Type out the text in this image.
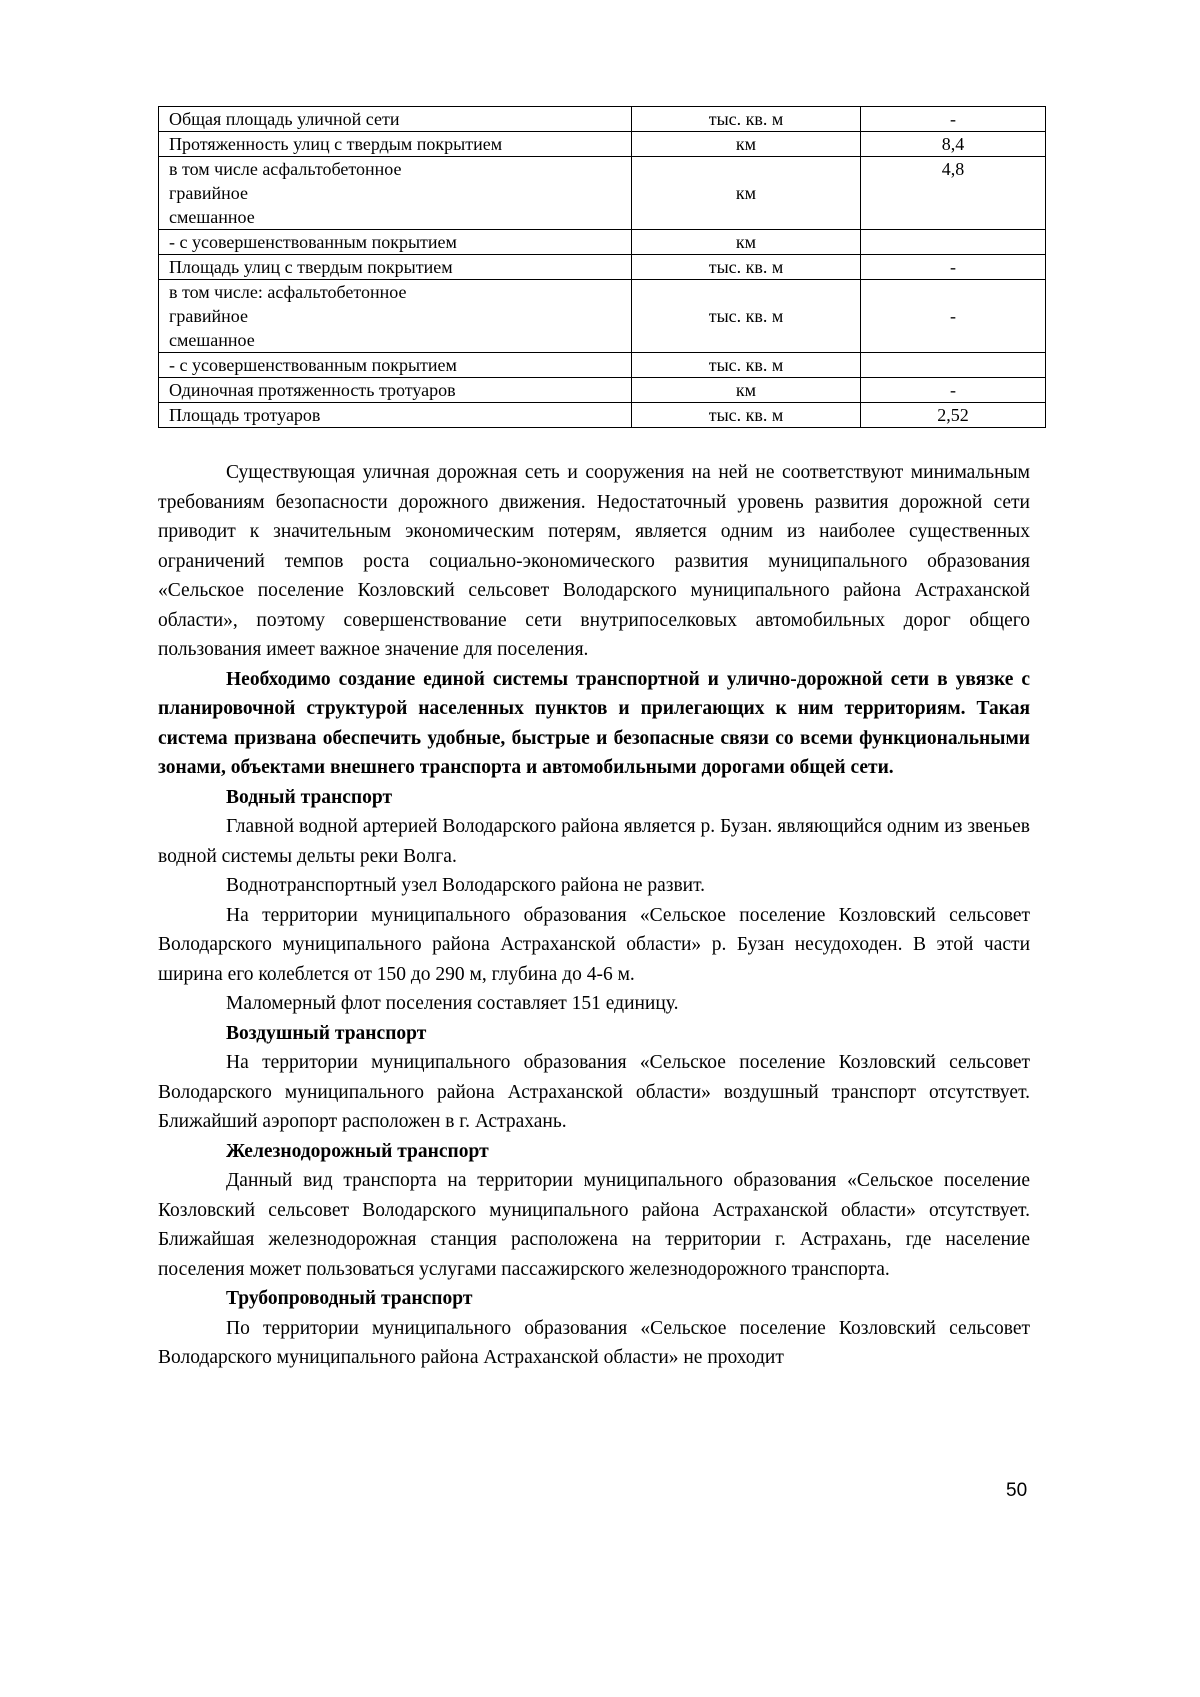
Общая площадь уличной сети	тыс. кв. м	-
Протяженность улиц с твердым покрытием	км	8,4

в том числе асфальтобетонное
гравийное
смешанное	км	4,8
- с усовершенствованным покрытием	км	
Площадь улиц с твердым покрытием	тыс. кв. м	-

в том числе: асфальтобетонное
гравийное
смешанное	тыс. кв. м	-
- с усовершенствованным покрытием	тыс. кв. м	
Одиночная протяженность тротуаров	км	-
Площадь тротуаров	тыс. кв. м	2,52

Существующая уличная дорожная сеть и сооружения на ней не соответствуют минимальным требованиям безопасности дорожного движения. Недостаточный уровень развития дорожной сети приводит к значительным экономическим потерям, является одним из наиболее существенных ограничений темпов роста социально-экономического развития муниципального образования «Сельское поселение Козловский сельсовет Володарского муниципального района Астраханской области», поэтому совершенствование сети внутрипоселковых автомобильных дорог общего пользования имеет важное значение для поселения.

Необходимо создание единой системы транспортной и улично-дорожной сети в увязке с планировочной структурой населенных пунктов и прилегающих к ним территориям. Такая система призвана обеспечить удобные, быстрые и безопасные связи со всеми функциональными зонами, объектами внешнего транспорта и автомобильными дорогами общей сети.

Водный транспорт

Главной водной артерией Володарского района является р. Бузан. являющийся одним из звеньев водной системы дельты реки Волга.

Воднотранспортный узел Володарского района не развит.

На территории муниципального образования «Сельское поселение Козловский сельсовет Володарского муниципального района Астраханской области» р. Бузан несудоходен. В этой части ширина его колеблется от 150 до 290 м, глубина до 4-6 м.

Маломерный флот поселения составляет 151 единицу.

Воздушный транспорт

На территории муниципального образования «Сельское поселение Козловский сельсовет Володарского муниципального района Астраханской области» воздушный транспорт отсутствует. Ближайший аэропорт расположен в г. Астрахань.

Железнодорожный транспорт

Данный вид транспорта на территории муниципального образования «Сельское поселение Козловский сельсовет Володарского муниципального района Астраханской области» отсутствует. Ближайшая железнодорожная станция расположена на территории г. Астрахань, где население поселения может пользоваться услугами пассажирского железнодорожного транспорта.

Трубопроводный транспорт

По территории муниципального образования «Сельское поселение Козловский сельсовет Володарского муниципального района Астраханской области» не проходит

50
